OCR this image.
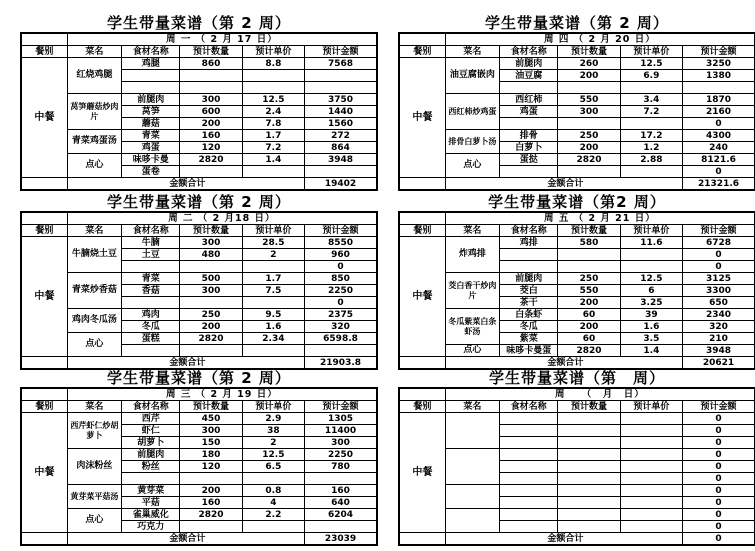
学生带量菜谱（第 2 周）
	周 一 （ 2 月 17 日）				
餐别	菜名	食材名称	预计数量	预计单价	预计金额
中餐	红烧鸡腿	鸡腿	860	8.8	7568

	莴笋蘑菇炒肉片	前腿肉	300	12.5	3750
		莴笋	600	2.4	1440
		蘑菇	200	7.8	1560
	青菜鸡蛋汤	青菜	160	1.7	272
		鸡蛋	120	7.2	864
	点心	味哆卡曼	2820	1.4	3948
		蛋卷			
	金额合计				19402
学生带量菜谱（第 2 周）
	周 四 （ 2 月 20 日）				
餐别	菜名	食材名称	预计数量	预计单价	预计金额
中餐	油豆腐嵌肉	前腿肉	260	12.5	3250
		油豆腐	200	6.9	1380

	西红柿炒鸡蛋	西红柿	550	3.4	1870
		鸡蛋	300	7.2	2160
					0
	排骨白萝卜汤	排骨	250	17.2	4300
		白萝卜	200	1.2	240
	点心	蛋挞	2820	2.88	8121.6
					0
	金额合计				21321.6
学生带量菜谱（第 2 周）
	周 二 （ 2 月18 日）				
餐别	菜名	食材名称	预计数量	预计单价	预计金额
中餐	牛腩烧土豆	牛腩	300	28.5	8550
		土豆	480	2	960
					0
	青菜炒香菇	青菜	500	1.7	850
		香菇	300	7.5	2250
					0
	鸡肉冬瓜汤	鸡肉	250	9.5	2375
		冬瓜	200	1.6	320
	点心	蛋糕	2820	2.34	6598.8

	金额合计				21903.8
学生带量菜谱（第2 周）
	周 五 （ 2 月 21 日）				
餐别	菜名	食材名称	预计数量	预计单价	预计金额
中餐	炸鸡排	鸡排	580	11.6	6728
					0
					0
	茭白香干炒肉片	前腿肉	250	12.5	3125
		茭白	550	6	3300
		茶干	200	3.25	650
	冬瓜紫菜白条虾汤	白条虾	60	39	2340
		冬瓜	200	1.6	320
		紫菜	60	3.5	210
	点心	味哆卡曼蛋	2820	1.4	3948
	金额合计				20621
学生带量菜谱（第 2 周）
	周 三 （ 2 月 19 日）				
餐别	菜名	食材名称	预计数量	预计单价	预计金额
中餐	西芹虾仁炒胡萝卜	西芹	450	2.9	1305
		虾仁	300	38	11400
		胡萝卜	150	2	300
	肉沫粉丝	前腿肉	180	12.5	2250
		粉丝	120	6.5	780

	黄芽菜平菇汤	黄芽菜	200	0.8	160
		平菇	160	4	640
	点心	雀巢威化	2820	2.2	6204
		巧克力			
	金额合计				23039
学生带量菜谱（第　周）
	周　　（　月　日）				
餐别	菜名	食材名称	预计数量	预计单价	预计金额
中餐					0
					0
					0
					0
					0
					0
					0
					0
					0
					0
	金额合计				0
